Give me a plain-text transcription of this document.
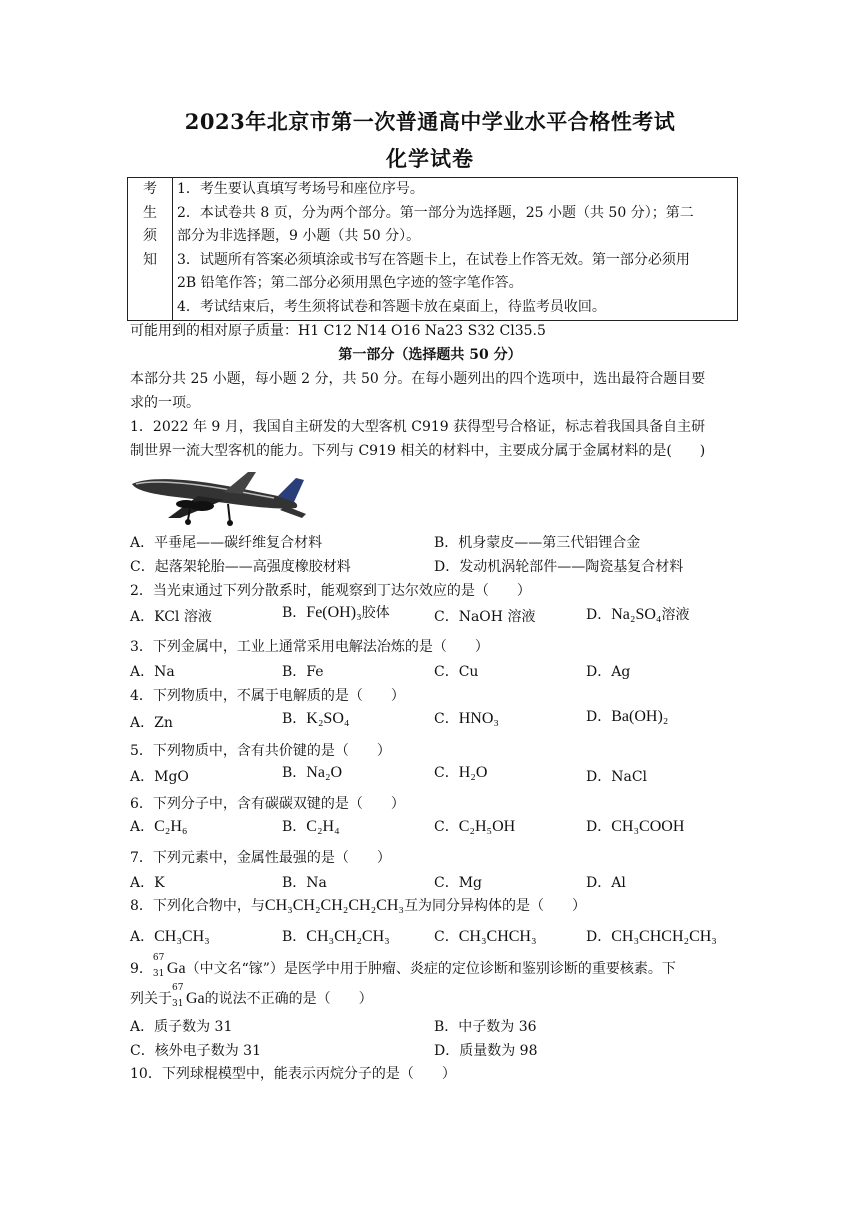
2023年北京市第一次普通高中学业水平合格性考试
化学试卷
考
生
须
知

1．考生要认真填写考场号和座位序号。
2．本试卷共 8 页，分为两个部分。第一部分为选择题，25 小题（共 50 分）；第二
部分为非选择题，9 小题（共 50 分）。
3．试题所有答案必须填涂或书写在答题卡上，在试卷上作答无效。第一部分必须用
2B 铅笔作答；第二部分必须用黑色字迹的签字笔作答。
4．考试结束后，考生须将试卷和答题卡放在桌面上，待监考员收回。
可能用到的相对原子质量：H1 C12 N14 O16 Na23 S32 Cl35.5
第一部分（选择题共 50 分）
本部分共 25 小题，每小题 2 分，共 50 分。在每小题列出的四个选项中，选出最符合题目要
求的一项。
1．2022 年 9 月，我国自主研发的大型客机 C919 获得型号合格证，标志着我国具备自主研
制世界一流大型客机的能力。下列与 C919 相关的材料中，主要成分属于金属材料的是(　　)
A．平垂尾——碳纤维复合材料	B．机身蒙皮——第三代铝锂合金
C．起落架轮胎——高强度橡胶材料	D．发动机涡轮部件——陶瓷基复合材料
2．当光束通过下列分散系时，能观察到丁达尔效应的是（　　）
A．KCl 溶液	B．Fe(OH)₃胶体	C．NaOH 溶液	D．Na₂SO₄溶液
3．下列金属中，工业上通常采用电解法冶炼的是（　　）
A．Na	B．Fe	C．Cu	D．Ag
4．下列物质中，不属于电解质的是（　　）
A．Zn	B．K₂SO₄	C．HNO₃	D．Ba(OH)₂
5．下列物质中，含有共价键的是（　　）
A．MgO	B．Na₂O	C．H₂O	D．NaCl
6．下列分子中，含有碳碳双键的是（　　）
A．C₂H₆	B．C₂H₄	C．C₂H₅OH	D．CH₃COOH
7．下列元素中，金属性最强的是（　　）
A．K	B．Na	C．Mg	D．Al
8．下列化合物中，与CH₃CH₂CH₂CH₂CH₃互为同分异构体的是（　　）
A．CH₃CH₃	B．CH₃CH₂CH₃	C．CH₃CHCH₃	D．CH₃CHCH₂CH₃
9．
67
31 Ga（中文名“镓”）是医学中用于肿瘤、炎症的定位诊断和鉴别诊断的重要核素。下
列关于
67
31 Ga的说法不正确的是（　　）
A．质子数为 31	B．中子数为 36
C．核外电子数为 31	D．质量数为 98
10．下列球棍模型中，能表示丙烷分子的是（　　）
